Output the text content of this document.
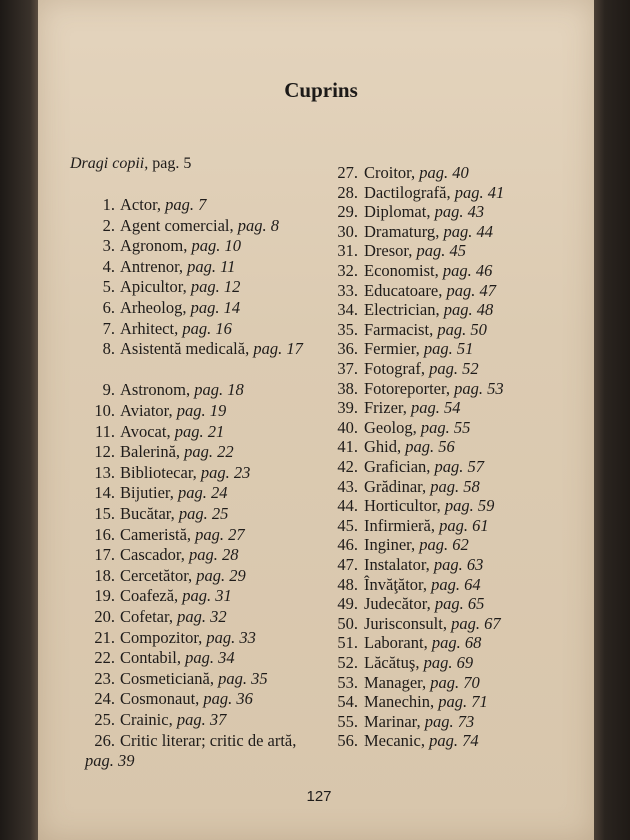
Cuprins
Dragi copii, pag. 5
1. Actor, pag. 7
2. Agent comercial, pag. 8
3. Agronom, pag. 10
4. Antrenor, pag. 11
5. Apicultor, pag. 12
6. Arheolog, pag. 14
7. Arhitect, pag. 16
8. Asistentă medicală, pag. 17
9. Astronom, pag. 18
10. Aviator, pag. 19
11. Avocat, pag. 21
12. Balerină, pag. 22
13. Bibliotecar, pag. 23
14. Bijutier, pag. 24
15. Bucătar, pag. 25
16. Cameristă, pag. 27
17. Cascador, pag. 28
18. Cercetător, pag. 29
19. Coafeză, pag. 31
20. Cofetar, pag. 32
21. Compozitor, pag. 33
22. Contabil, pag. 34
23. Cosmeticiană, pag. 35
24. Cosmonaut, pag. 36
25. Crainic, pag. 37
26. Critic literar; critic de artă, pag. 39
27. Croitor, pag. 40
28. Dactilografă, pag. 41
29. Diplomat, pag. 43
30. Dramaturg, pag. 44
31. Dresor, pag. 45
32. Economist, pag. 46
33. Educatoare, pag. 47
34. Electrician, pag. 48
35. Farmacist, pag. 50
36. Fermier, pag. 51
37. Fotograf, pag. 52
38. Fotoreporter, pag. 53
39. Frizer, pag. 54
40. Geolog, pag. 55
41. Ghid, pag. 56
42. Grafician, pag. 57
43. Grădinar, pag. 58
44. Horticultor, pag. 59
45. Infirmieră, pag. 61
46. Inginer, pag. 62
47. Instalator, pag. 63
48. Învăţător, pag. 64
49. Judecător, pag. 65
50. Jurisconsult, pag. 67
51. Laborant, pag. 68
52. Lăcătuş, pag. 69
53. Manager, pag. 70
54. Manechin, pag. 71
55. Marinar, pag. 73
56. Mecanic, pag. 74
127
